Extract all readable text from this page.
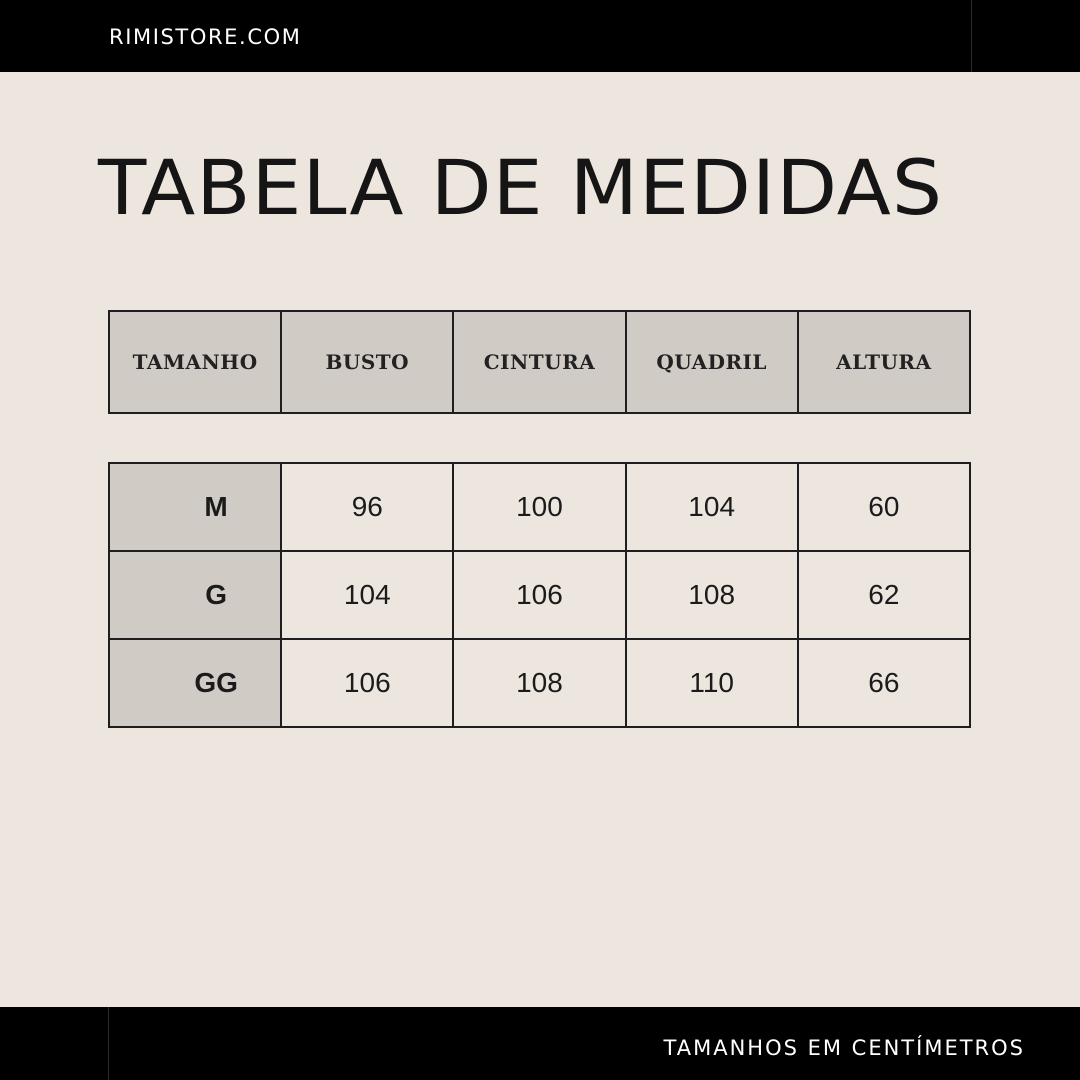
RIMISTORE.COM
TABELA DE MEDIDAS
TAMANHO	BUSTO	CINTURA	QUADRIL	ALTURA
M	96	100	104	60
G	104	106	108	62
GG	106	108	110	66
TAMANHOS EM CENTÍMETROS
